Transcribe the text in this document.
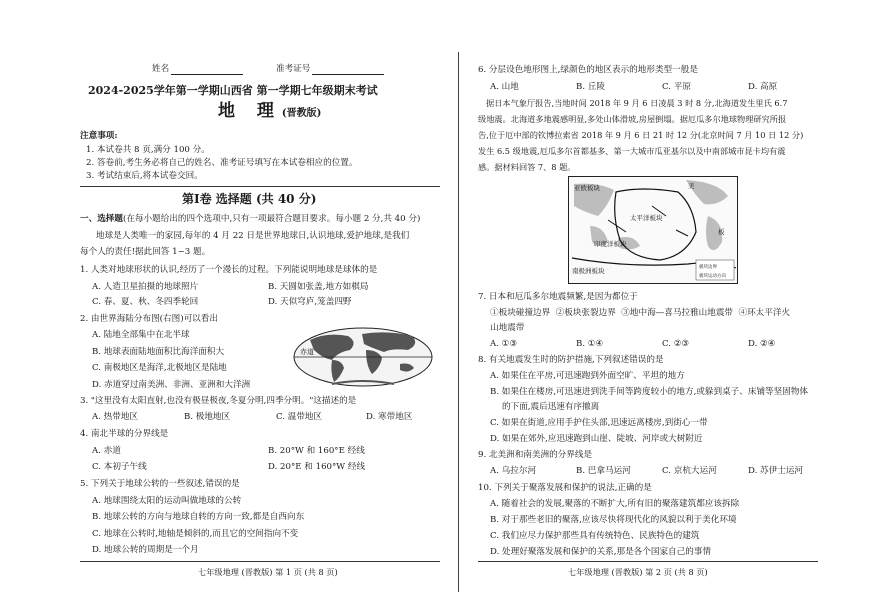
姓名	准考证号
2024-2025学年第一学期山西省 第一学期七年级期末考试
地 理(晋教版)
注意事项:
1. 本试卷共 8 页,满分 100 分。
2. 答卷前,考生务必将自己的姓名、准考证号填写在本试卷相应的位置。
3. 考试结束后,将本试卷交回。
第Ⅰ卷 选择题 (共 40 分)
一、选择题(在每小题给出的四个选项中,只有一项最符合题目要求。每小题 2 分,共 40 分)
地球是人类唯一的家园,每年的 4 月 22 日是世界地球日,认识地球,爱护地球,是我们
每个人的责任!据此回答 1~3 题。
1. 人类对地球形状的认识,经历了一个漫长的过程。下列能说明地球是球体的是
A. 人造卫星拍摄的地球照片	B. 天圆如张盖,地方如棋局
C. 春、夏、秋、冬四季轮回	D. 天似穹庐,笼盖四野
2. 由世界海陆分布图(右图)可以看出
A. 陆地全部集中在北半球
B. 地球表面陆地面积比海洋面积大
C. 南极地区是海洋,北极地区是陆地
D. 赤道穿过南美洲、非洲、亚洲和大洋洲
赤道
3. "这里没有太阳直射,也没有极昼极夜,冬夏分明,四季分明。"这描述的是
A. 热带地区	B. 极地地区	C. 温带地区	D. 寒带地区
4. 南北半球的分界线是
A. 赤道	B. 20°W 和 160°E 经线
C. 本初子午线	D. 20°E 和 160°W 经线
5. 下列关于地球公转的一些叙述,错误的是
A. 地球围绕太阳的运动叫做地球的公转
B. 地球公转的方向与地球自转的方向一致,都是自西向东
C. 地球在公转时,地轴是倾斜的,而且它的空间指向不变
D. 地球公转的周期是一个月
七年级地理 (晋教版) 第 1 页 (共 8 页)
6. 分层设色地形图上,绿颜色的地区表示的地形类型一般是
A. 山地	B. 丘陵	C. 平原	D. 高原
据日本气象厅报告,当地时间 2018 年 9 月 6 日凌晨 3 时 8 分,北海道发生里氏 6.7
级地震。北海道多地震感明显,多处山体滑坡,房屋倒塌。据厄瓜多尔地球物理研究所报
告,位于厄中部的钦博拉索省 2018 年 9 月 6 日 21 时 12 分(北京时间 7 月 10 日 12 分)
发生 6.5 级地震,厄瓜多尔首都基多、第一大城市瓜亚基尔以及中南部城市昆卡均有震
感。据材料回答 7、8 题。
亚欧板块	美
太平洋板块
印度洋板块
南极洲板块
板
板块边界
板块运动方向
7. 日本和厄瓜多尔地震频繁,是因为都位于
①板块碰撞边界 ②板块张裂边界 ③地中海—喜马拉雅山地震带 ④环太平洋火
山地震带
A. ①③	B. ①④	C. ②③	D. ②④
8. 有关地震发生时的防护措施,下列叙述错误的是
A. 如果住在平房,可迅速跑到外面空旷、平坦的地方
B. 如果住在楼房,可迅速进到洗手间等跨度较小的地方,或躲到桌子、床铺等坚固物体
的下面,震后迅速有序撤离
C. 如果在街道,应用手护住头部,迅速远离楼房,到街心一带
D. 如果在郊外,应迅速跑到山崖、陡坡、河岸或大树附近
9. 北美洲和南美洲的分界线是
A. 乌拉尔河	B. 巴拿马运河	C. 京杭大运河	D. 苏伊士运河
10. 下列关于聚落发展和保护的说法,正确的是
A. 随着社会的发展,聚落的不断扩大,所有旧的聚落建筑都应该拆除
B. 对于那些老旧的聚落,应该尽快将现代化的风貌以利于美化环境
C. 我们应尽力保护那些具有传统特色、民族特色的建筑
D. 处理好聚落发展和保护的关系,那是各个国家自己的事情
七年级地理 (晋教版) 第 2 页 (共 8 页)
